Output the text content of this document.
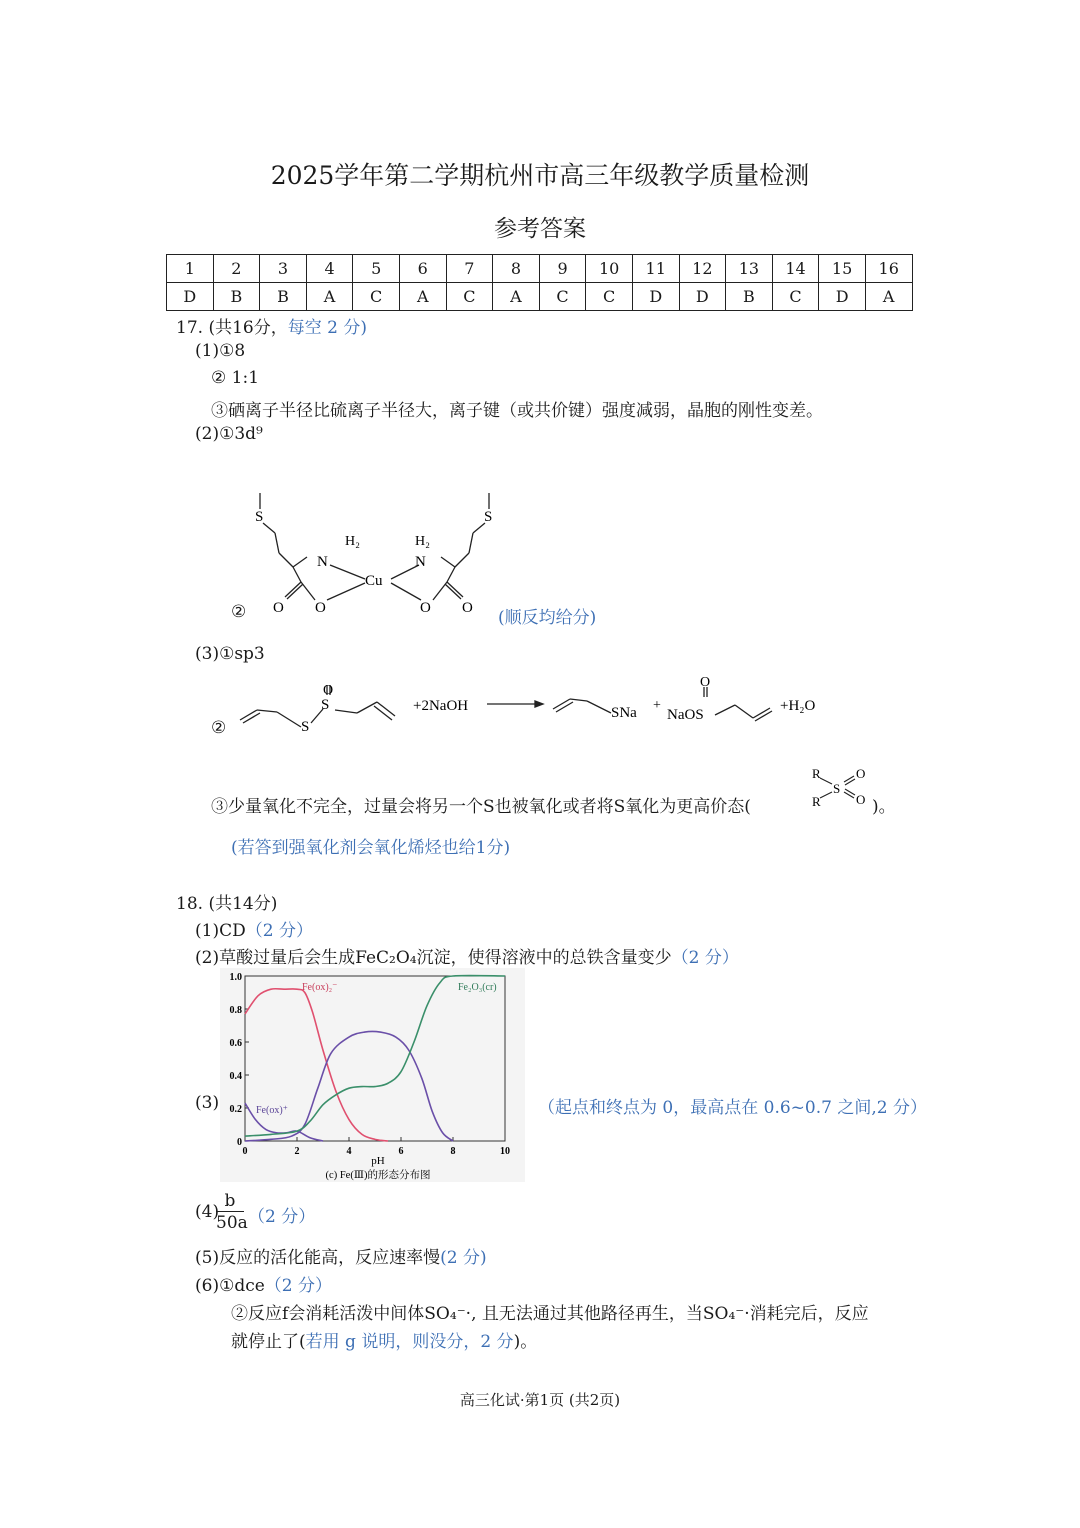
2025学年第二学期杭州市高三年级教学质量检测
参考答案
1	2	3	4	5	6	7	8	9	10	11	12	13	14	15	16
D	B	B	A	C	A	C	A	C	C	D	D	B	C	D	A
17. (共16分，每空 2 分)
(1)①8
② 1:1
③硒离子半径比硫离子半径大，离子键（或共价键）强度减弱，晶胞的刚性变差。
(2)①3d⁹
②
S
H₂
N
Cu
O O
S
H₂
N
O O (顺反均给分)
(3)①sp3
②
O
S
S
+2NaOH	SNa +
O
NaOS
+H₂O
③少量氧化不完全，过量会将另一个S也被氧化或者将S氧化为更高价态(
R
R
S
O
O )。
(若答到强氧化剂会氧化烯烃也给1分)
18. (共14分)
(1)CD（2 分）
(2)草酸过量后会生成FeC₂O₄沉淀，使得溶液中的总铁含量变少（2 分）
(3)
0	2	4	6	8	10
0
0.2
0.4
0.6
0.8
1.0
pH
(c) Fe(Ⅲ)的形态分布图
Fe(ox)₂⁻	Fe₂O₃(cr)
Fe(ox)⁺	（起点和终点为 0，最高点在 0.6~0.7 之间,2 分）
(4)
b
50a （2 分）
(5)反应的活化能高，反应速率慢(2 分)
(6)①dce（2 分）
②反应f会消耗活泼中间体SO₄⁻·, 且无法通过其他路径再生，当SO₄⁻·消耗完后，反应
就停止了(若用 g 说明，则没分，2 分)。
高三化试·第1页 (共2页)
